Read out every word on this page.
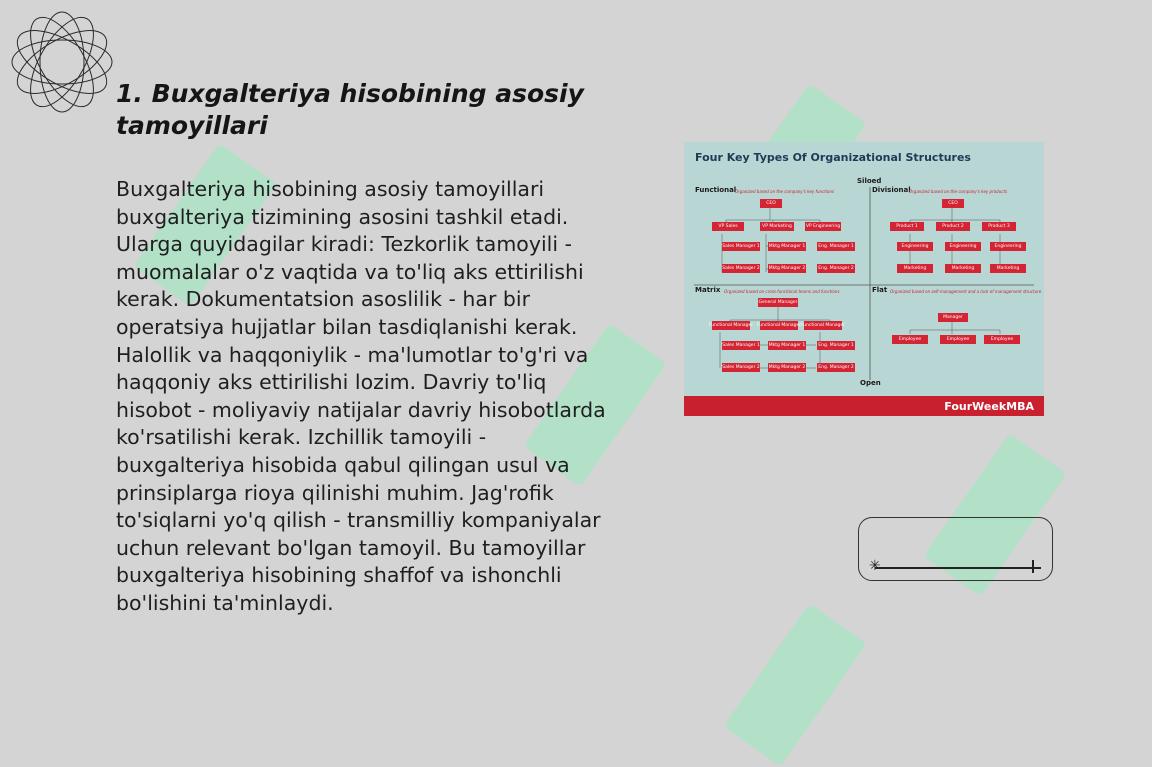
1. Buxgalteriya hisobining asosiy tamoyillari

Buxgalteriya hisobining asosiy tamoyillari buxgalteriya tizimining asosini tashkil etadi. Ularga quyidagilar kiradi: Tezkorlik tamoyili - muomalalar o'z vaqtida va to'liq aks ettirilishi kerak. Dokumentatsion asoslilik - har bir operatsiya hujjatlar bilan tasdiqlanishi kerak. Halollik va haqqoniylik - ma'lumotlar to'g'ri va haqqoniy aks ettirilishi lozim. Davriy to'liq hisobot - moliyaviy natijalar davriy hisobotlarda ko'rsatilishi kerak. Izchillik tamoyili - buxgalteriya hisobida qabul qilingan usul va prinsiplarga rioya qilinishi muhim. Jag'rofik to'siqlarni yo'q qilish - transmilliy kompaniyalar uchun relevant bo'lgan tamoyil. Bu tamoyillar buxgalteriya hisobining shaffof va ishonchli bo'lishini ta'minlaydi.

Four Key Types Of Organizational Structures
Siloed
Open
Functional
Organized based on the company's key functions
CEO
VP Sales	VP Marketing	VP Engineering
Sales Manager 1 Mktg Manager 1	Eng. Manager 1
Sales Manager 2 Mktg Manager 2	Eng. Manager 2
Divisional
Organized based on the company's key products
CEO
Product 1	Product 2	Product 3
Engineering	Engineering	Engineering
Marketing	Marketing	Marketing
Matrix Organized based on cross-functional teams and functions
General Manager
Functional Manager Functional Manager Functional Manager
Sales Manager 1 Mktg Manager 1	Eng. Manager 1
Sales Manager 2 Mktg Manager 2	Eng. Manager 2
Flat Organized based on self-management and a lack of management structure
Manager
Employee	Employee	Employee
FourWeekMBA
✳
